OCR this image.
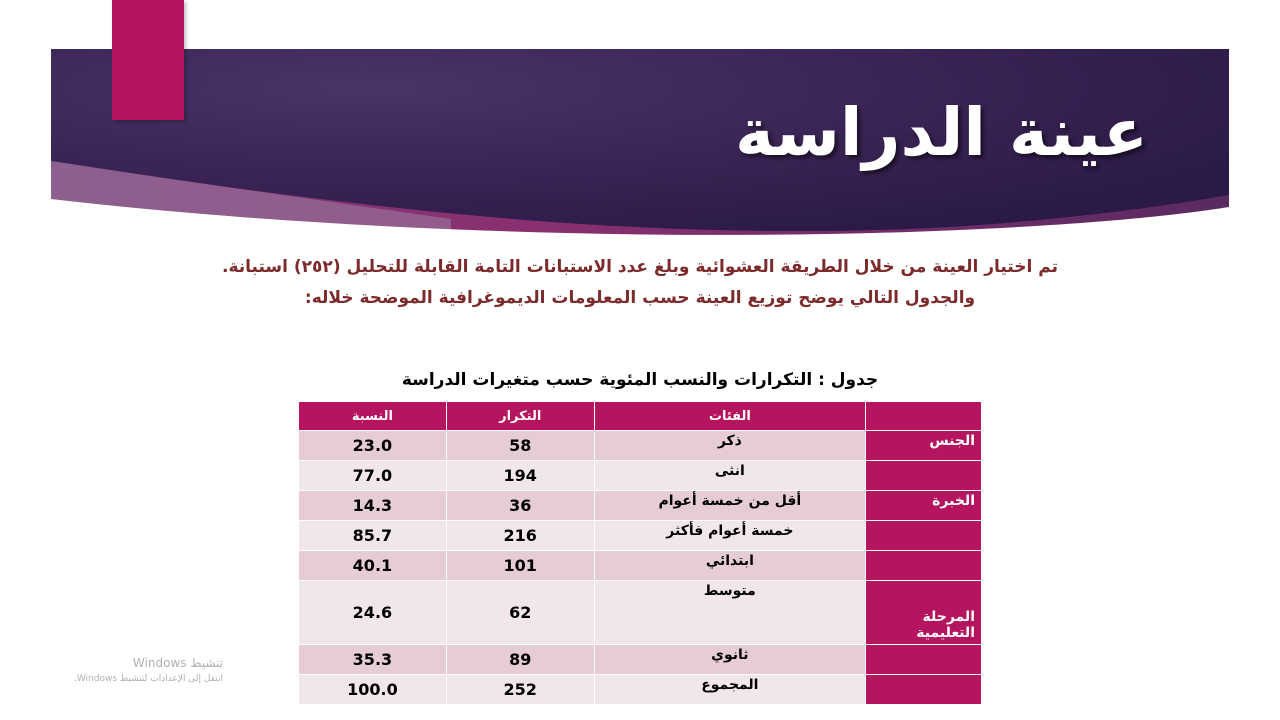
عينة الدراسة
تم اختيار العينة من خلال الطريقة العشوائية وبلغ عدد الاستبانات التامة القابلة للتحليل (٢٥٢) استبانة.
والجدول التالي يوضح توزيع العينة حسب المعلومات الديموغرافية الموضحة خلاله:
جدول : التكرارات والنسب المئوية حسب متغيرات الدراسة
	الفئات	التكرار	النسبة
الجنس	ذكر	58	23.0
	انثى	194	77.0
الخبرة	أقل من خمسة أعوام	36	14.3
	خمسة أعوام فأكثر	216	85.7
	ابتدائي	101	40.1
المرحلة التعليمية	متوسط	62	24.6
	ثانوي	89	35.3
	المجموع	252	100.0
تنشيط Windows
انتقل إلى الإعدادات لتنشيط Windows.
